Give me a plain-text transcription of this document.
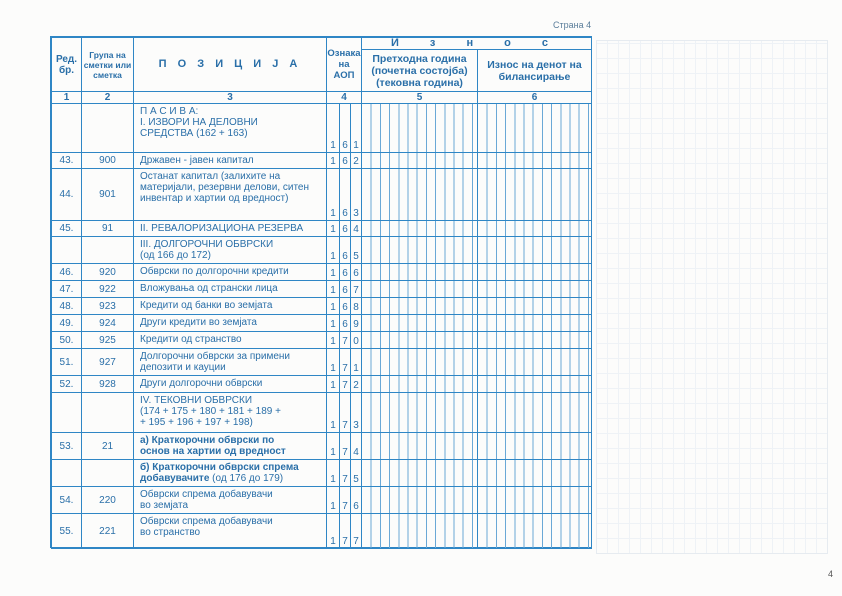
Страна 4
4
Ред. бр.	Група на сметки или сметка	П О З И Ц И Ј А	Ознака на АОП			И з н о с	
						Претходна година (почетна состојба) (тековна година)	Износ на денот на билансирање
1	2	3	4			5	6
		П А С И В А:
I. ИЗВОРИ НА ДЕЛОВНИ
СРЕДСТВА (162 + 163)	1	6	1		
43.	900	Државен - јавен капитал	1	6	2		
44.	901	Останат капитал (залихите на материјали, резервни делови, ситен инвентар и хартии од вредност)	1	6	3		
45.	91	II. РЕВАЛОРИЗАЦИОНА РЕЗЕРВА	1	6	4		
		III. ДОЛГОРОЧНИ ОБВРСКИ
(од 166 до 172)	1	6	5		
46.	920	Обврски по долгорочни кредити	1	6	6		
47.	922	Вложувања од странски лица	1	6	7		
48.	923	Кредити од банки во земјата	1	6	8		
49.	924	Други кредити во земјата	1	6	9		
50.	925	Кредити од странство	1	7	0		
51.	927	Долгорочни обврски за примени депозити и кауции	1	7	1		
52.	928	Други долгорочни обврски	1	7	2		
		IV. ТЕКОВНИ ОБВРСКИ
(174 + 175 + 180 + 181 + 189 +
+ 195 + 196 + 197 + 198)	1	7	3		
53.	21	а) Краткорочни обврски по
основ на хартии од вредност	1	7	4		
		б) Краткорочни обврски спрема добавувачите (од 176 до 179)	1	7	5		
54.	220	Обврски спрема добавувачи
во земјата	1	7	6		
55.	221	Обврски спрема добавувачи
во странство	1	7	7		
